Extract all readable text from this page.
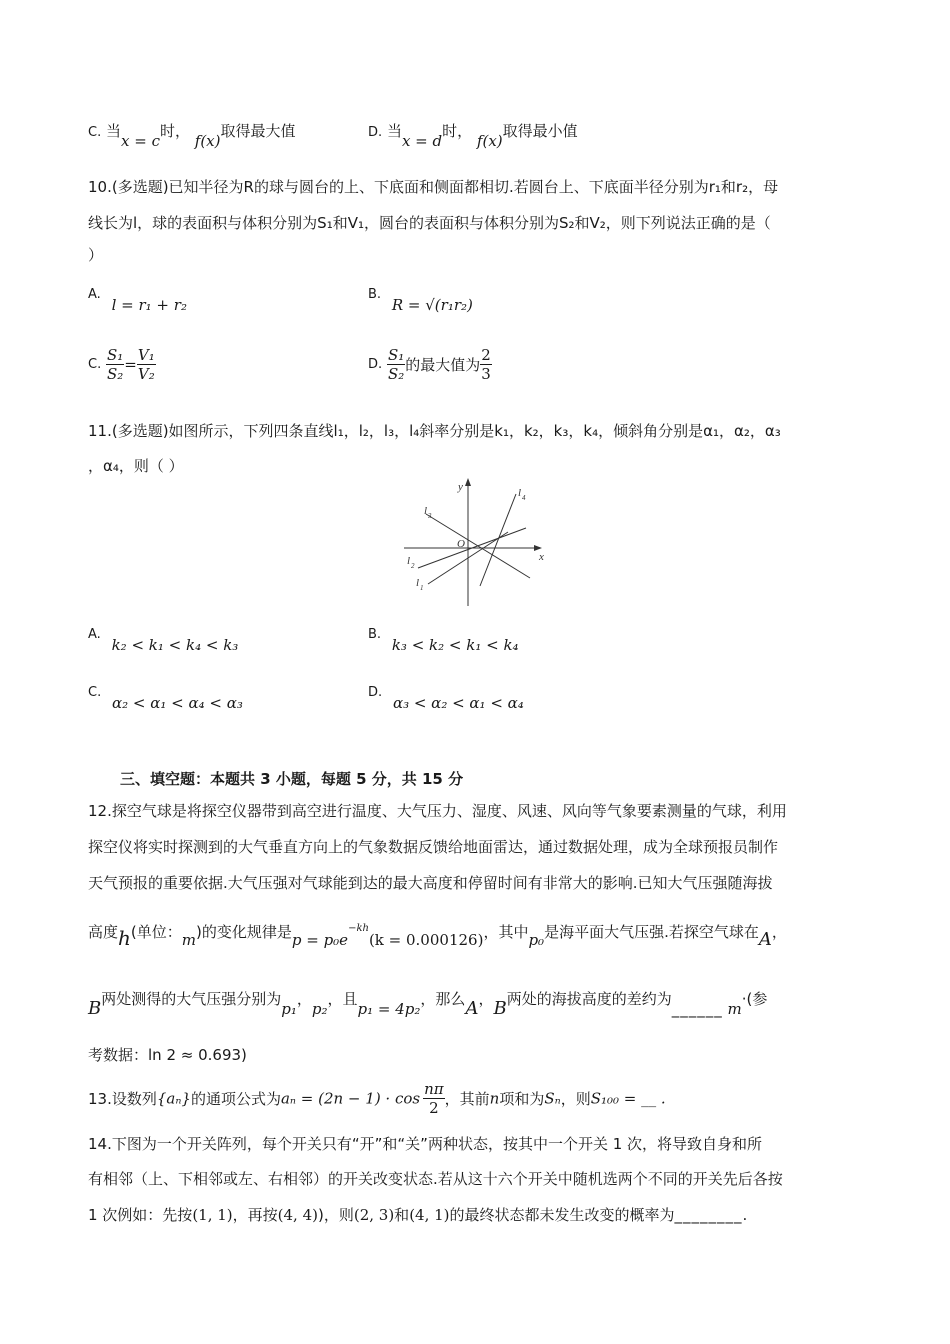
C. 当x = c时， f(x)取得最大值	D. 当x = d时， f(x)取得最小值
10.(多选题)已知半径为R的球与圆台的上、下底面和侧面都相切.若圆台上、下底面半径分别为r₁和r₂，母
线长为l，球的表面积与体积分别为S₁和V₁，圆台的表面积与体积分别为S₂和V₂，则下列说法正确的是（
）
A. l = r₁ + r₂
B. R = √(r₁r₂)
C. $\frac{\text{S₁}}{\text{S₂}} = \frac{\text{V₁}}{\text{V₂}}$	D. $\frac{\text{S₁}}{\text{S₂}}$ 的最大值为 $\frac{2}{3}$
11.(多选题)如图所示，下列四条直线l₁，l₂，l₃，l₄斜率分别是k₁，k₂，k₃，k₄，倾斜角分别是α₁，α₂，α₃
，α₄，则（ ）
y
x
O
l 3
l 4
l 2
l 1
A. k₂ < k₁ < k₄ < k₃
B. k₃ < k₂ < k₁ < k₄
C. α₂ < α₁ < α₄ < α₃
D. α₃ < α₂ < α₁ < α₄
三、填空题：本题共 3 小题，每题 5 分，共 15 分
12.探空气球是将探空仪器带到高空进行温度、大气压力、湿度、风速、风向等气象要素测量的气球，利用
探空仪将实时探测到的大气垂直方向上的气象数据反馈给地面雷达，通过数据处理，成为全球预报员制作
天气预报的重要依据.大气压强对气球能到达的最大高度和停留时间有非常大的影响.已知大气压强随海拔
高度h(单位：m)的变化规律是$p = p_0e^{-kh}(k = 0.000126)$，其中p₀是海平面大气压强.若探空气球在A，
B两处测得的大气压强分别为p₁，p₂，且p₁ = 4p₂，那么A，B两处的海拔高度的差约为______ m·(参
考数据：ln 2 ≈ 0.693)
13.设数列{aₙ}的通项公式为$a_n = (2n - 1) \cdot \cos \frac{n\pi}{2}$ ，其前n项和为Sₙ，则S₁₀₀ = __ .
14.下图为一个开关阵列，每个开关只有“开”和“关”两种状态，按其中一个开关 1 次，将导致自身和所
有相邻（上、下相邻或左、右相邻）的开关改变状态.若从这十六个开关中随机选两个不同的开关先后各按
1 次例如：先按(1, 1)，再按(4, 4))，则(2, 3)和(4, 1)的最终状态都未发生改变的概率为________.
